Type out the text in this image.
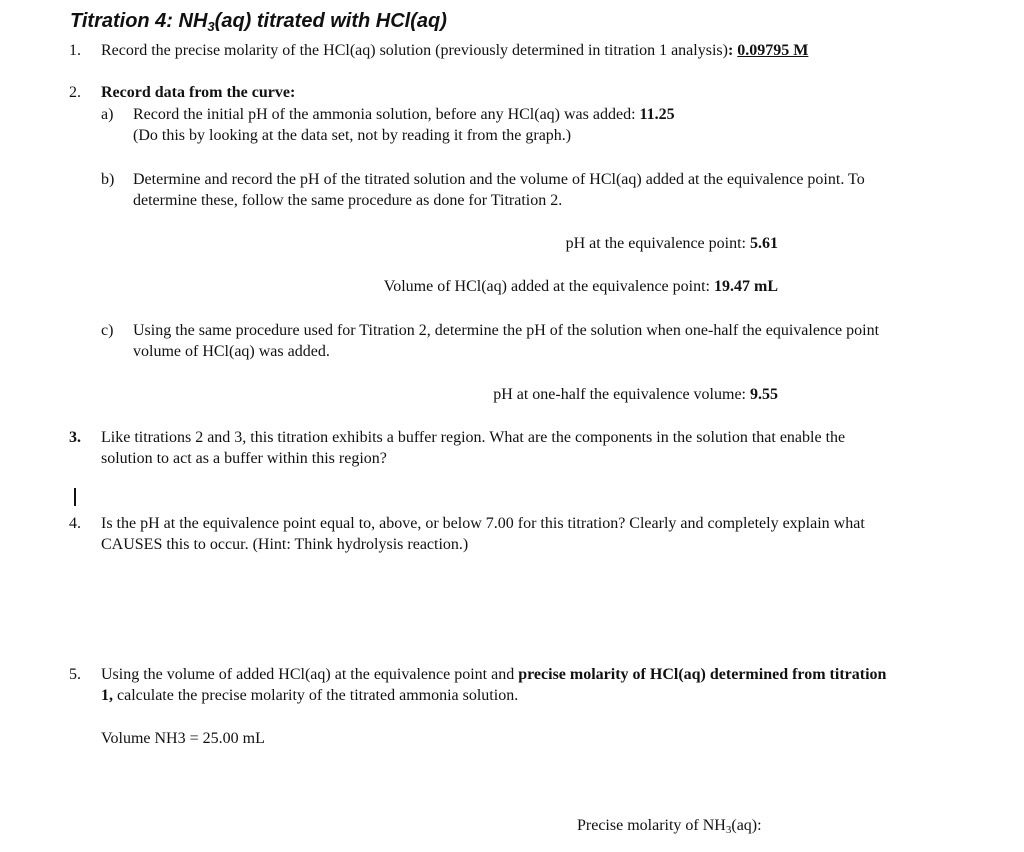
Titration 4: $NH_3(aq)$ titrated with HCl(aq)
1. Record the precise molarity of the HCl(aq) solution (previously determined in titration 1 analysis): 0.09795 M
2. Record data from the curve:
a) Record the initial pH of the ammonia solution, before any HCl(aq) was added: 11.25
(Do this by looking at the data set, not by reading it from the graph.)
b) Determine and record the pH of the titrated solution and the volume of HCl(aq) added at the equivalence point. To
determine these, follow the same procedure as done for Titration 2.
pH at the equivalence point: 5.61
Volume of HCl(aq) added at the equivalence point: 19.47 mL
c) Using the same procedure used for Titration 2, determine the pH of the solution when one-half the equivalence point
volume of HCl(aq) was added.
pH at one-half the equivalence volume: 9.55
3. Like titrations 2 and 3, this titration exhibits a buffer region. What are the components in the solution that enable the
solution to act as a buffer within this region?
4. Is the pH at the equivalence point equal to, above, or below 7.00 for this titration? Clearly and completely explain what
CAUSES this to occur. (Hint: Think hydrolysis reaction.)
5. Using the volume of added HCl(aq) at the equivalence point and precise molarity of HCl(aq) determined from titration
1, calculate the precise molarity of the titrated ammonia solution.
Volume NH3 = 25.00 mL
Precise molarity of $NH_3(aq)$:
